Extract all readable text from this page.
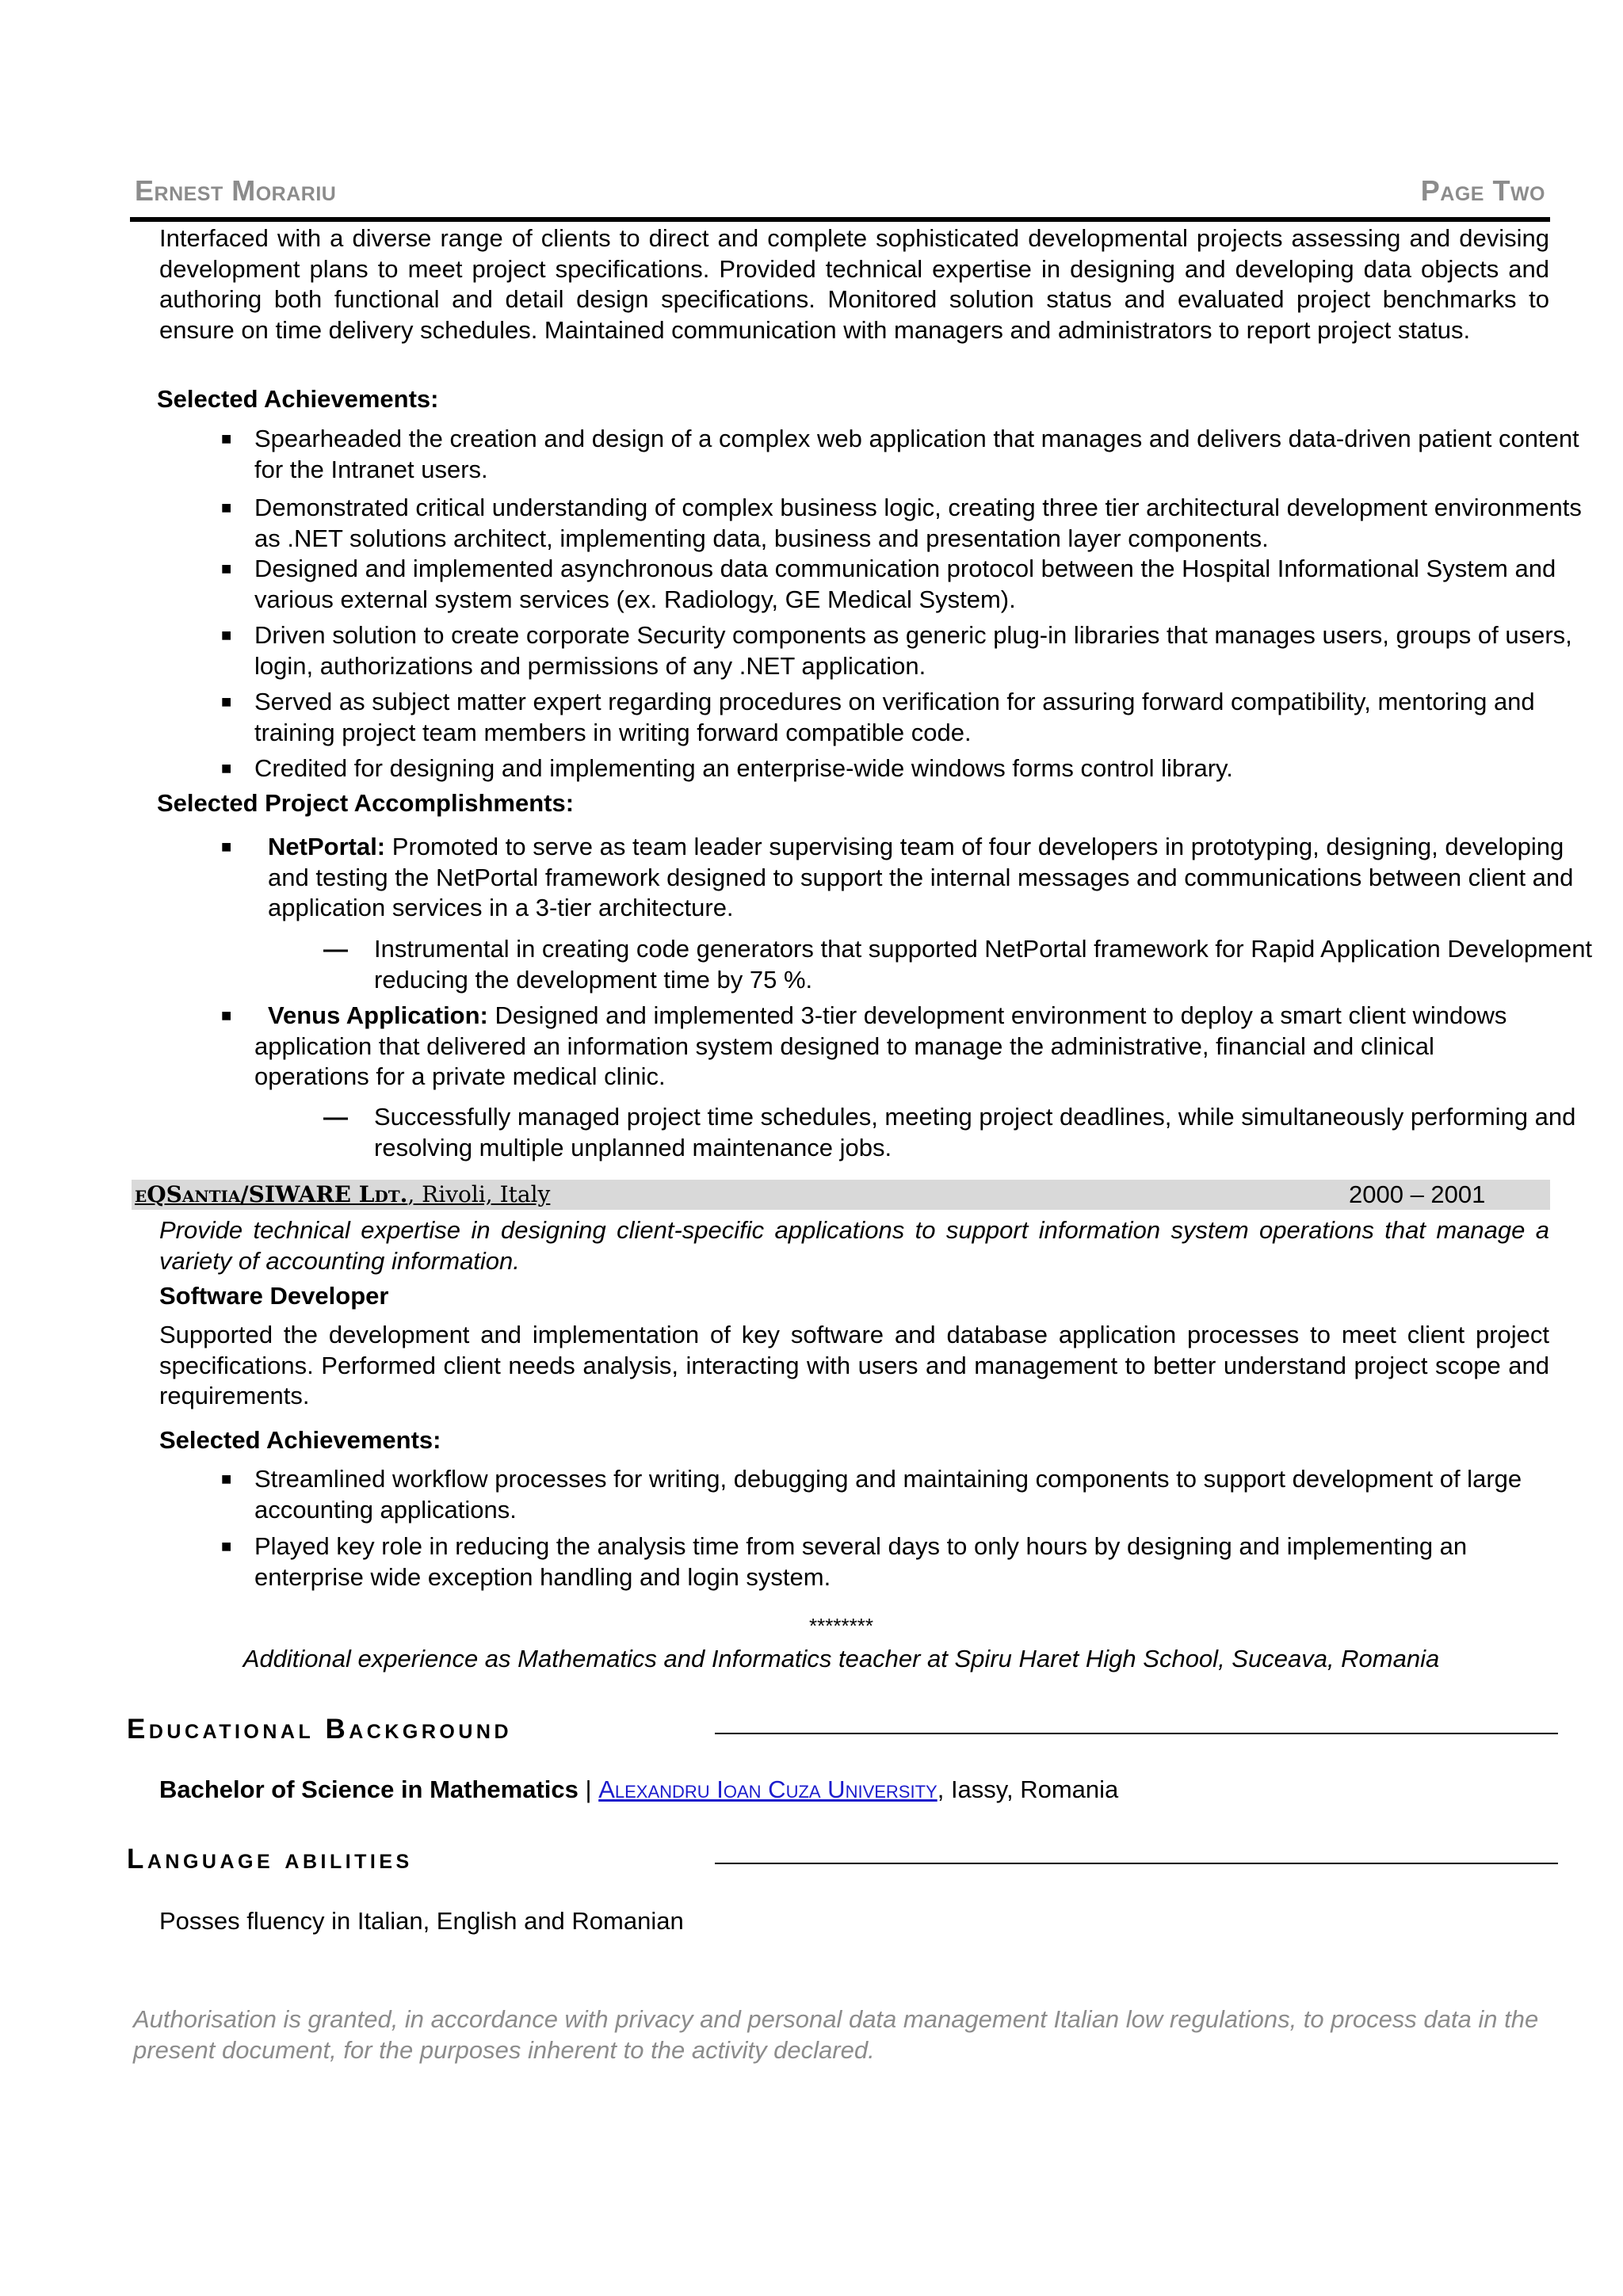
Ernest Morariu	Page Two
Interfaced with a diverse range of clients to direct and complete sophisticated developmental projects assessing and devising development plans to meet project specifications. Provided technical expertise in designing and developing data objects and authoring both functional and detail design specifications. Monitored solution status and evaluated project benchmarks to ensure on time delivery schedules. Maintained communication with managers and administrators to report project status.
Selected Achievements:
■ Spearheaded the creation and design of a complex web application that manages and delivers data-driven patient content for the Intranet users.
■ Demonstrated critical understanding of complex business logic, creating three tier architectural development environments as .NET solutions architect, implementing data, business and presentation layer components.
■ Designed and implemented asynchronous data communication protocol between the Hospital Informational System and various external system services (ex. Radiology, GE Medical System).
■ Driven solution to create corporate Security components as generic plug-in libraries that manages users, groups of users, login, authorizations and permissions of any .NET application.
■ Served as subject matter expert regarding procedures on verification for assuring forward compatibility, mentoring and training project team members in writing forward compatible code.
■ Credited for designing and implementing an enterprise-wide windows forms control library.
Selected Project Accomplishments:
■ NetPortal: Promoted to serve as team leader supervising team of four developers in prototyping, designing, developing and testing the NetPortal framework designed to support the internal messages and communications between client and application services in a 3-tier architecture.
— Instrumental in creating code generators that supported NetPortal framework for Rapid Application Development reducing the development time by 75 %.
■ Venus Application: Designed and implemented 3-tier development environment to deploy a smart client windows application that delivered an information system designed to manage the administrative, financial and clinical operations for a private medical clinic.
— Successfully managed project time schedules, meeting project deadlines, while simultaneously performing and resolving multiple unplanned maintenance jobs.
eQSantia/SIWARE Ldt., Rivoli, Italy	2000 – 2001
Provide technical expertise in designing client-specific applications to support information system operations that manage a variety of accounting information.
Software Developer
Supported the development and implementation of key software and database application processes to meet client project specifications. Performed client needs analysis, interacting with users and management to better understand project scope and requirements.
Selected Achievements:
■ Streamlined workflow processes for writing, debugging and maintaining components to support development of large accounting applications.
■ Played key role in reducing the analysis time from several days to only hours by designing and implementing an enterprise wide exception handling and login system.
********
Additional experience as Mathematics and Informatics teacher at Spiru Haret High School, Suceava, Romania
Educational Background
Bachelor of Science in Mathematics | Alexandru Ioan Cuza University, Iassy, Romania
Language abilities
Posses fluency in Italian, English and Romanian
Authorisation is granted, in accordance with privacy and personal data management Italian low regulations, to process data in the present document, for the purposes inherent to the activity declared.
